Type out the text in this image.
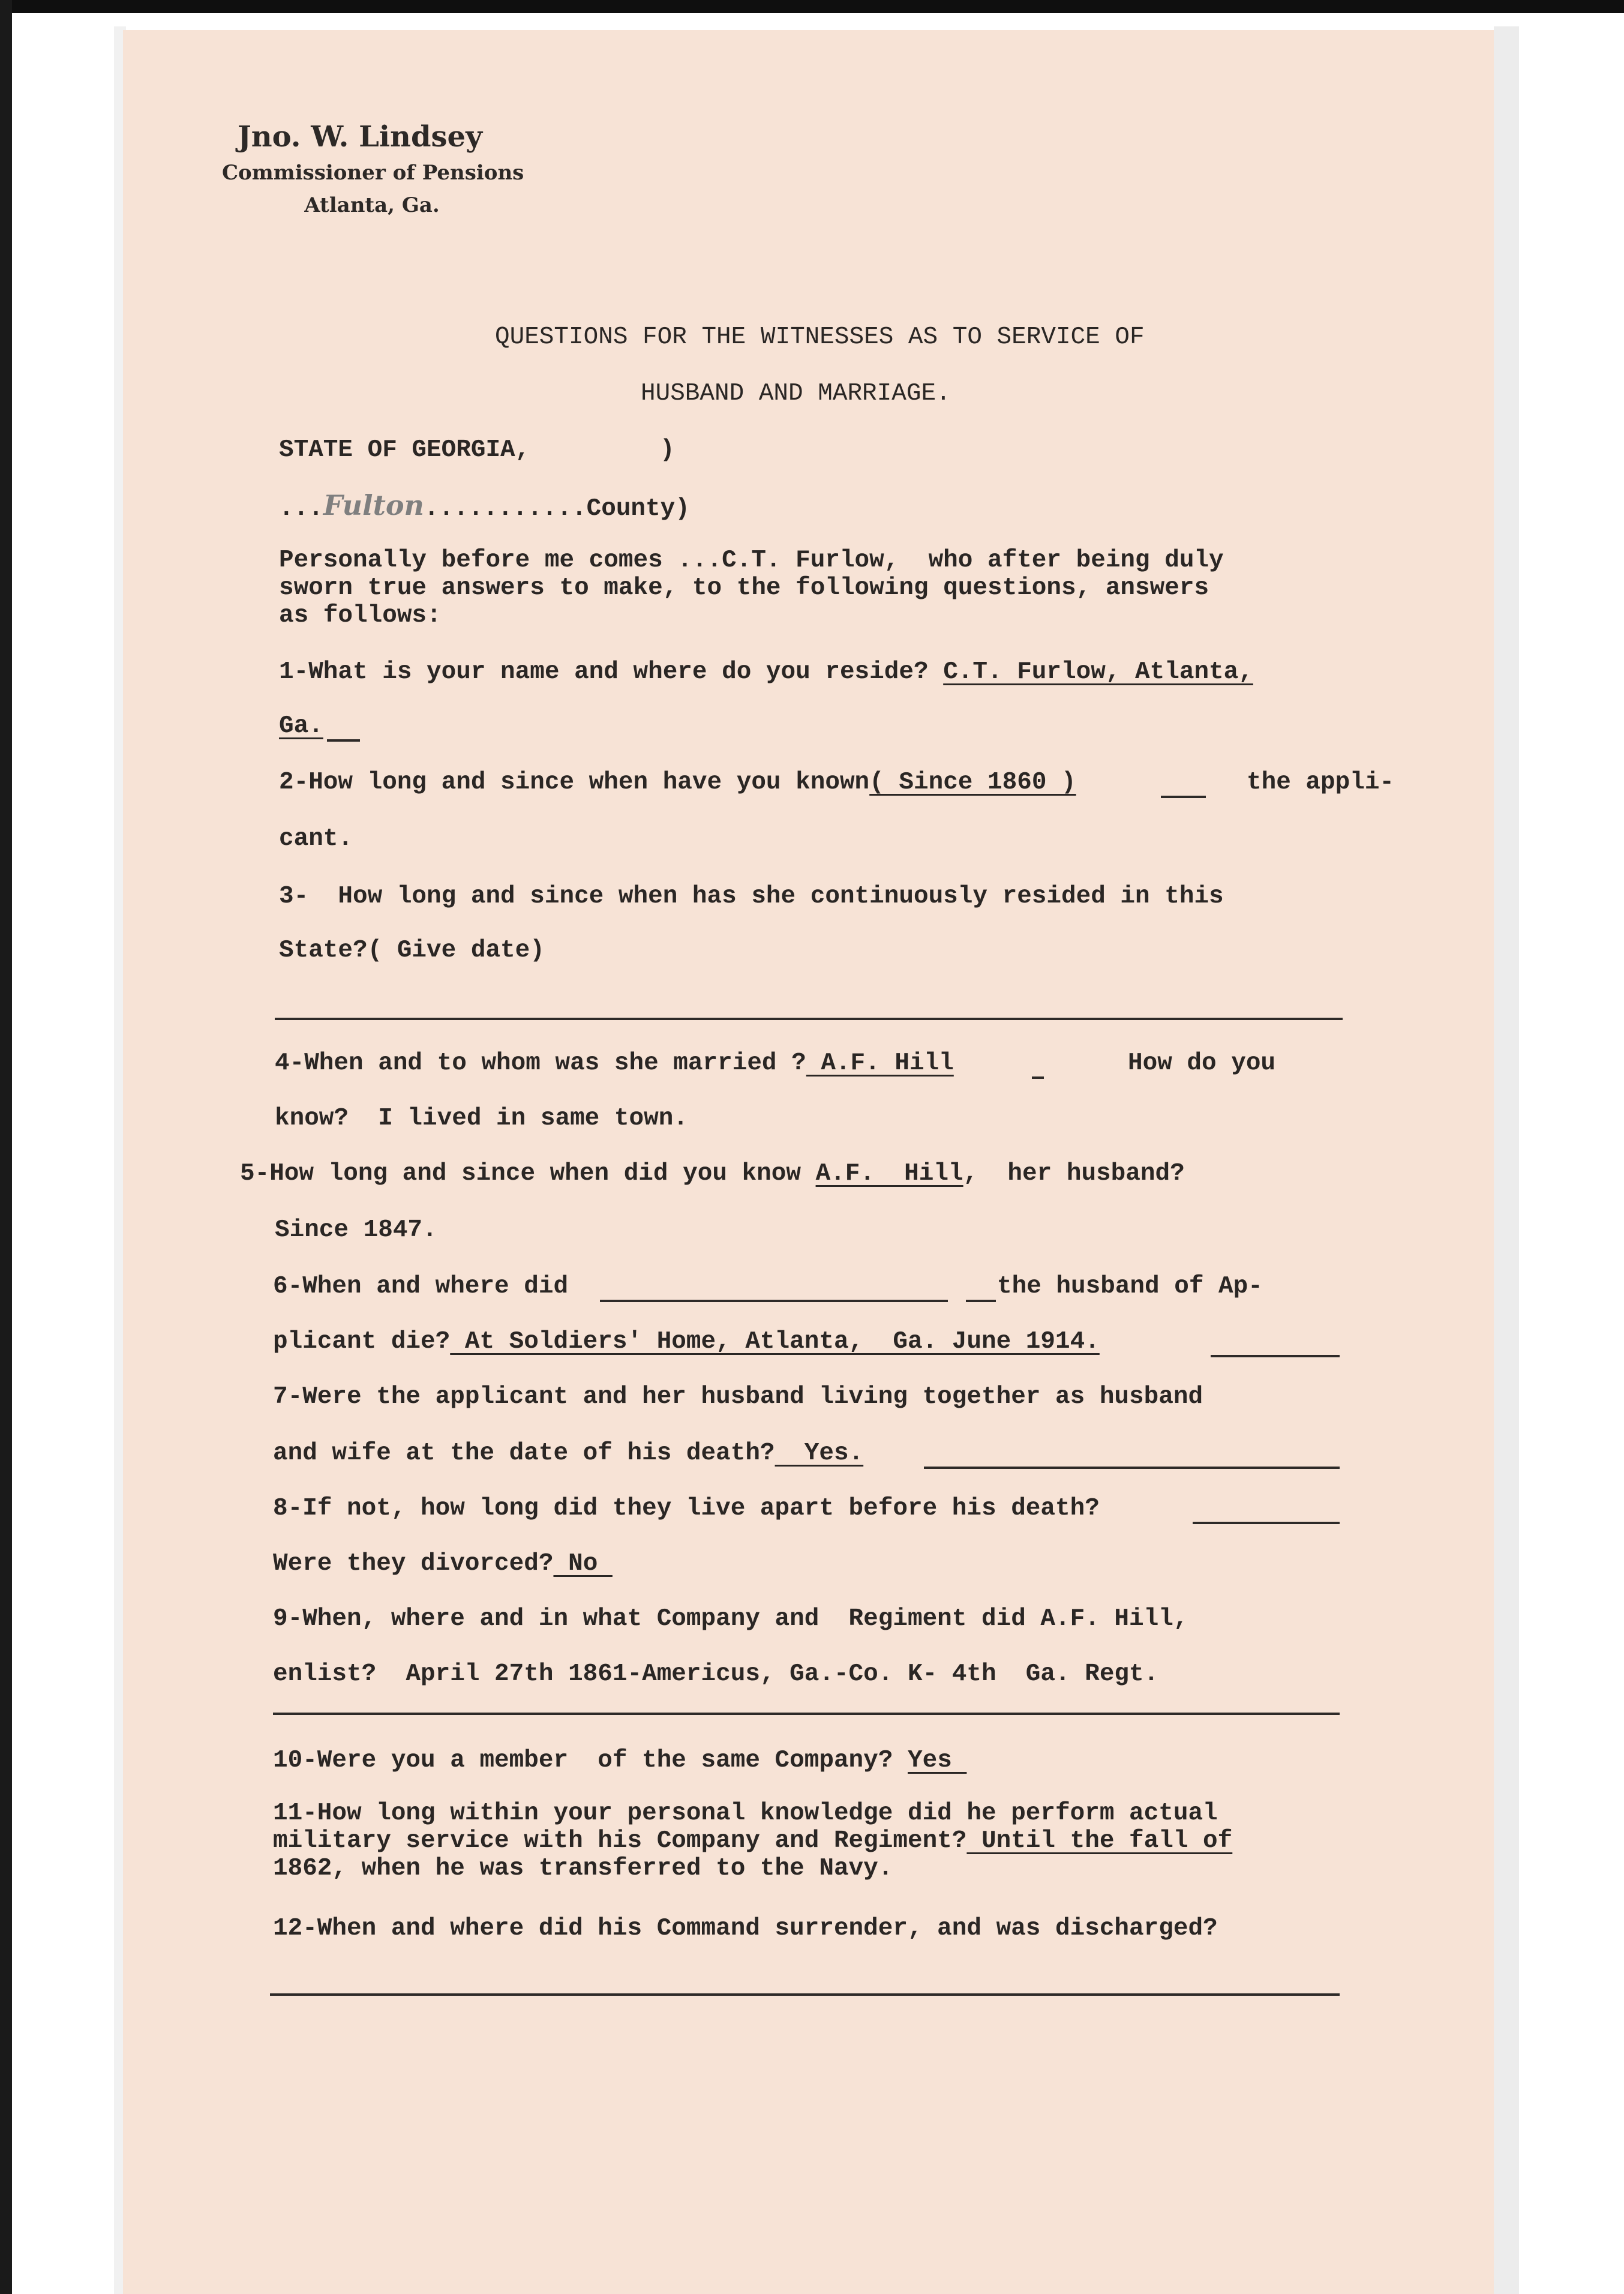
Jno. W. Lindsey
Commissioner of Pensions
Atlanta, Ga.
QUESTIONS FOR THE WITNESSES AS TO SERVICE OF
HUSBAND AND MARRIAGE.
STATE OF GEORGIA,	)
...Fulton...........County)
Personally before me comes ...C.T. Furlow,  who after being duly
sworn true answers to make, to the following questions, answers
as follows:
1-What is your name and where do you reside? C.T. Furlow, Atlanta,
Ga.
2-How long and since when have you known( Since 1860 )	the appli-
cant.
3-  How long and since when has she continuously resided in this
State?( Give date)
4-When and to whom was she married ? A.F. Hill	How do you
know?  I lived in same town.
5-How long and since when did you know A.F.  Hill,  her husband?
Since 1847.
6-When and where did	the husband of Ap-
plicant die? At Soldiers' Home, Atlanta,  Ga. June 1914.
7-Were the applicant and her husband living together as husband
and wife at the date of his death?  Yes.
8-If not, how long did they live apart before his death?
Were they divorced? No
9-When, where and in what Company and  Regiment did A.F. Hill,
enlist?  April 27th 1861-Americus, Ga.-Co. K- 4th  Ga. Regt.
10-Were you a member  of the same Company? Yes
11-How long within your personal knowledge did he perform actual
military service with his Company and Regiment? Until the fall of
1862, when he was transferred to the Navy.
12-When and where did his Command surrender, and was discharged?
